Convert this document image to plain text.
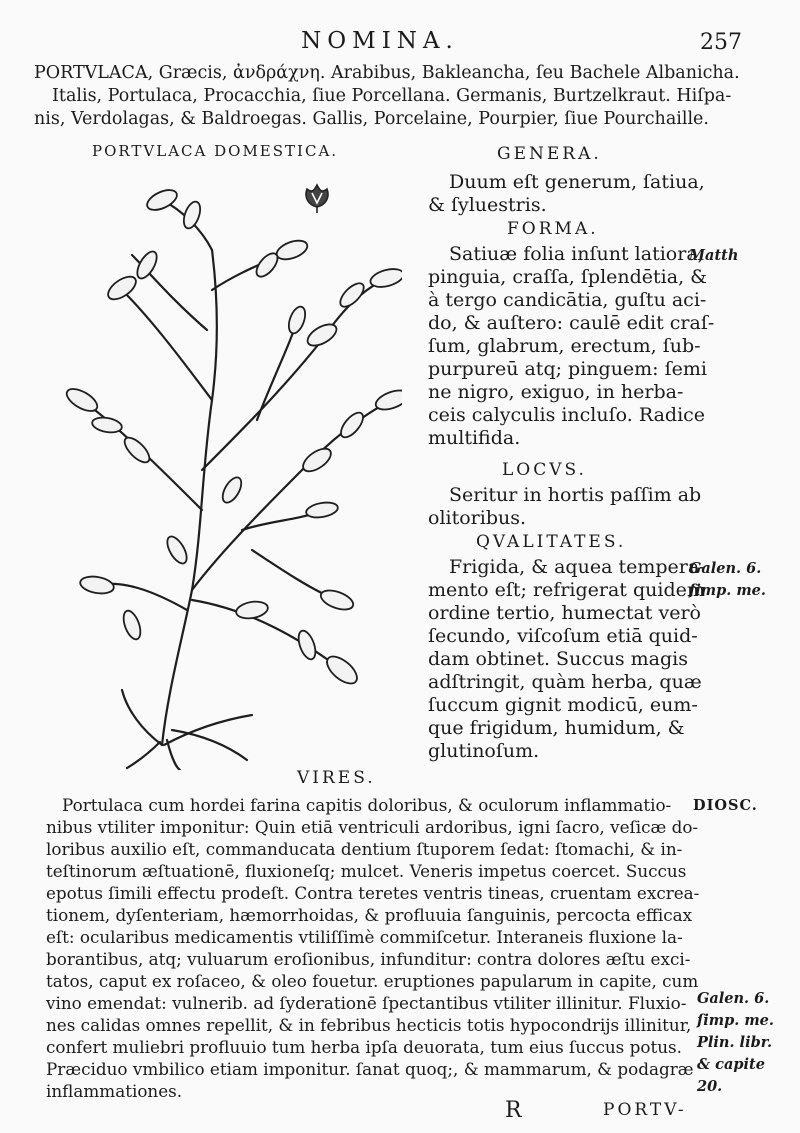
NOMINA.	257
PORTVLACA, Græcis, ἀνδράχνη. Arabibus, Bakleancha, ſeu Bachele Albanicha.
Italis, Portulaca, Procacchia, ſiue Porcellana. Germanis, Burtzelkraut. Hiſpa-
nis, Verdolagas, & Baldroegas. Gallis, Porcelaine, Pourpier, ſiue Pourchaille.
PORTVLACA DOMESTICA.	GENERA.
Duum eſt generum, ſatiua,
& ſyluestris.
FORMA.
Satiuæ folia inſunt latiora,
pinguia, craſſa, ſplendētia, &
à tergo candicātia, guſtu aci-
do, & auſtero: caulē edit craſ-
ſum, glabrum, erectum, ſub-
purpureū atq; pinguem: ſemi
ne nigro, exiguo, in herba-
ceis calyculis incluſo. Radice
multifida.
LOCVS.
Seritur in hortis paſſim ab
olitoribus.
QVALITATES.
Frigida, & aquea tempera-
mento eſt; refrigerat quidem
ordine tertio, humectat verò
ſecundo, viſcoſum etiā quid-
dam obtinet. Succus magis
adſtringit, quàm herba, quæ
ſuccum gignit modicū, eum-
que frigidum, humidum, &
glutinoſum.
Matth
Galen. 6.
ſimp. me.
DIOSC.
Galen. 6.
ſimp. me.
Plin. libr.
& capite
20.
VIRES.
Portulaca cum hordei farina capitis doloribus, & oculorum inflammatio-
nibus vtiliter imponitur: Quin etiā ventriculi ardoribus, igni ſacro, veſicæ do-
loribus auxilio eſt, commanducata dentium ſtuporem ſedat: ſtomachi, & in-
teſtinorum æſtuationē, fluxioneſq; mulcet. Veneris impetus coercet. Succus
epotus ſimili effectu prodeſt. Contra teretes ventris tineas, cruentam excrea-
tionem, dyſenteriam, hæmorrhoidas, & profluuia ſanguinis, percocta efficax
eſt: ocularibus medicamentis vtiliſſimè commiſcetur. Interaneis fluxione la-
borantibus, atq; vuluarum eroſionibus, infunditur: contra dolores æſtu exci-
tatos, caput ex roſaceo, & oleo fouetur. eruptiones papularum in capite, cum
vino emendat: vulnerib. ad ſyderationē ſpectantibus vtiliter illinitur. Fluxio-
nes calidas omnes repellit, & in febribus hecticis totis hypocondrijs illinitur,
confert muliebri profluuio tum herba ipſa deuorata, tum eius ſuccus potus.
Præciduo vmbilico etiam imponitur. ſanat quoq;, & mammarum, & podagræ
inflammationes.
R	PORTV-
